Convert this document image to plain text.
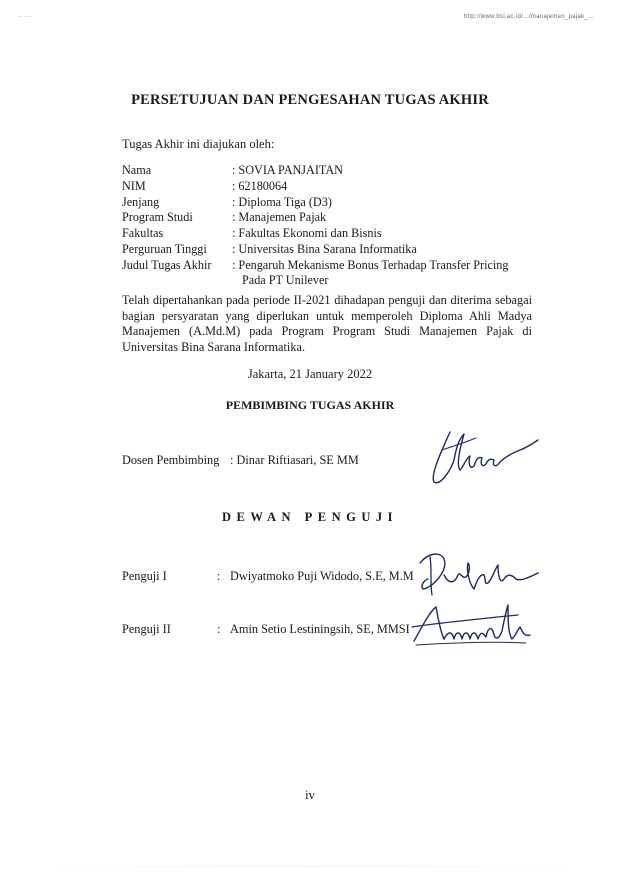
·····	http://www.bsi.ac.id/.../manajemen_pajak_...
PERSETUJUAN DAN PENGESAHAN TUGAS AKHIR
Tugas Akhir ini diajukan oleh:
Nama	: SOVIA PANJAITAN
NIM	: 62180064
Jenjang	: Diploma Tiga (D3)
Program Studi	: Manajemen Pajak
Fakultas	: Fakultas Ekonomi dan Bisnis
Perguruan Tinggi : Universitas Bina Sarana Informatika
Judul Tugas Akhir : Pengaruh Mekanisme Bonus Terhadap Transfer Pricing
Pada PT Unilever
Telah dipertahankan pada periode II-2021 dihadapan penguji dan diterima sebagai bagian persyaratan yang diperlukan untuk memperoleh Diploma Ahli Madya Manajemen (A.Md.M) pada Program Program Studi Manajemen Pajak di Universitas Bina Sarana Informatika.
Jakarta, 21 January 2022
PEMBIMBING TUGAS AKHIR
Dosen Pembimbing : Dinar Riftiasari, SE MM
DEWAN PENGUJI
Penguji I	: Dwiyatmoko Puji Widodo, S.E, M.M
Penguji II	: Amin Setio Lestiningsih, SE, MMSI
iv
